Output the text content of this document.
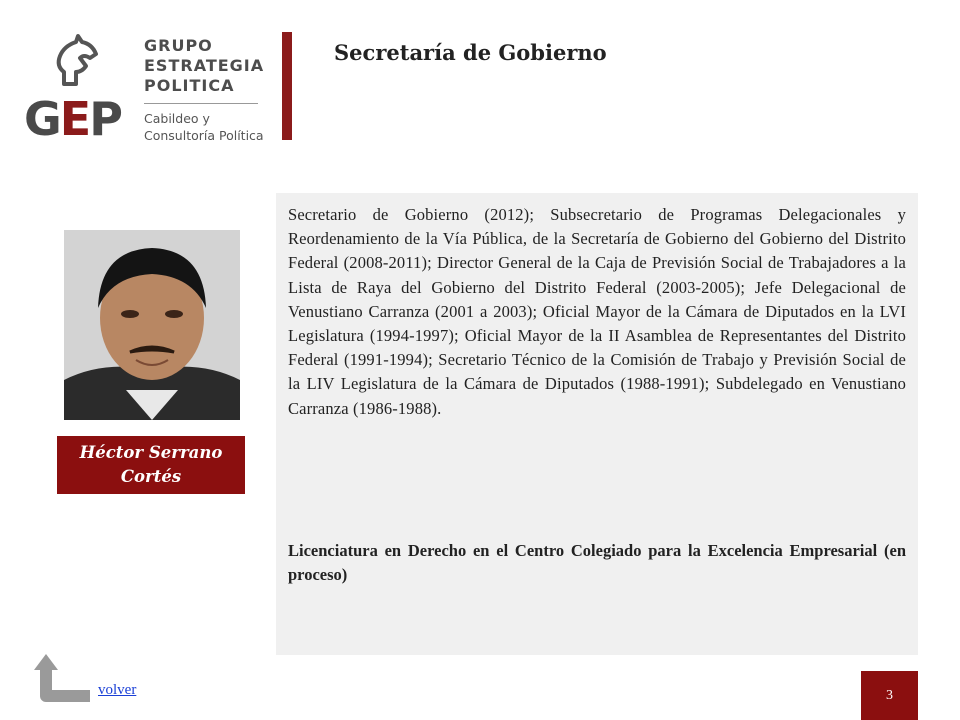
GEP
GRUPO
ESTRATEGIA
POLITICA
Cabildeo y
Consultoría Política
Secretaría de Gobierno
Héctor Serrano Cortés

Secretario de Gobierno (2012); Subsecretario de Programas Delegacionales y Reordenamiento de la Vía Pública, de la Secretaría de Gobierno del Gobierno del Distrito Federal (2008-2011); Director General de la Caja de Previsión Social de Trabajadores a la Lista de Raya del Gobierno del Distrito Federal (2003-2005); Jefe Delegacional de Venustiano Carranza (2001 a 2003); Oficial Mayor de la Cámara de Diputados en la LVI Legislatura (1994-1997); Oficial Mayor de la II Asamblea de Representantes del Distrito Federal (1991-1994); Secretario Técnico de la Comisión de Trabajo y Previsión Social de la LIV Legislatura de la Cámara de Diputados (1988-1991); Subdelegado en Venustiano Carranza (1986-1988).

Licenciatura en Derecho en el Centro Colegiado para la Excelencia Empresarial (en proceso)

volver	3
